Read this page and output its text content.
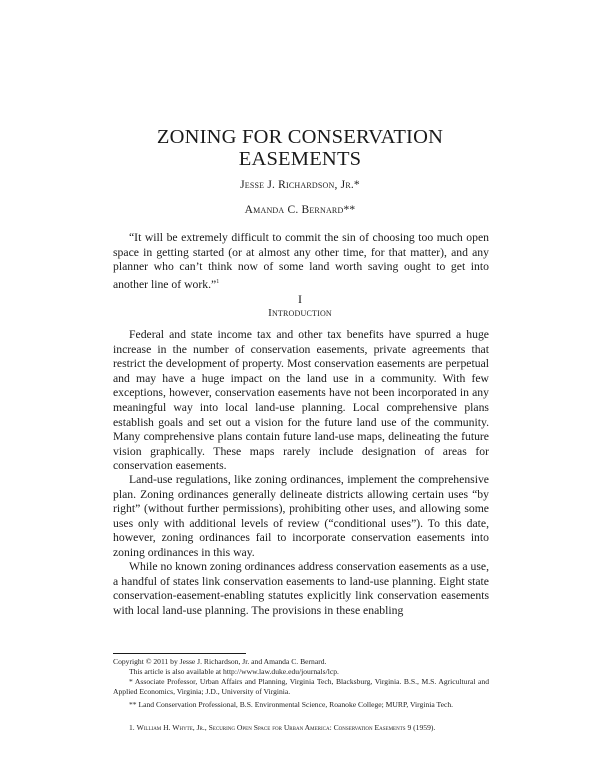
ZONING FOR CONSERVATION
EASEMENTS
Jesse J. Richardson, Jr.*
Amanda C. Bernard**
“It will be extremely difficult to commit the sin of choosing too much open space in getting started (or at almost any other time, for that matter), and any planner who can’t think now of some land worth saving ought to get into another line of work.”$^1$
I
Introduction
Federal and state income tax and other tax benefits have spurred a huge increase in the number of conservation easements, private agreements that restrict the development of property. Most conservation easements are perpetual and may have a huge impact on the land use in a community. With few exceptions, however, conservation easements have not been incorporated in any meaningful way into local land-use planning. Local comprehensive plans establish goals and set out a vision for the future land use of the community. Many comprehensive plans contain future land-use maps, delineating the future vision graphically. These maps rarely include designation of areas for conservation easements.
Land-use regulations, like zoning ordinances, implement the comprehensive plan. Zoning ordinances generally delineate districts allowing certain uses “by right” (without further permissions), prohibiting other uses, and allowing some uses only with additional levels of review (“conditional uses”). To this date, however, zoning ordinances fail to incorporate conservation easements into zoning ordinances in this way.
While no known zoning ordinances address conservation easements as a use, a handful of states link conservation easements to land-use planning. Eight state conservation-easement-enabling statutes explicitly link conservation easements with local land-use planning. The provisions in these enabling
Copyright © 2011 by Jesse J. Richardson, Jr. and Amanda C. Bernard.
This article is also available at http://www.law.duke.edu/journals/lcp.
* Associate Professor, Urban Affairs and Planning, Virginia Tech, Blacksburg, Virginia. B.S., M.S. Agricultural and Applied Economics, Virginia; J.D., University of Virginia.
** Land Conservation Professional, B.S. Environmental Science, Roanoke College; MURP, Virginia Tech.
1. William H. Whyte, Jr., Securing Open Space for Urban America: Conservation Easements 9 (1959).
